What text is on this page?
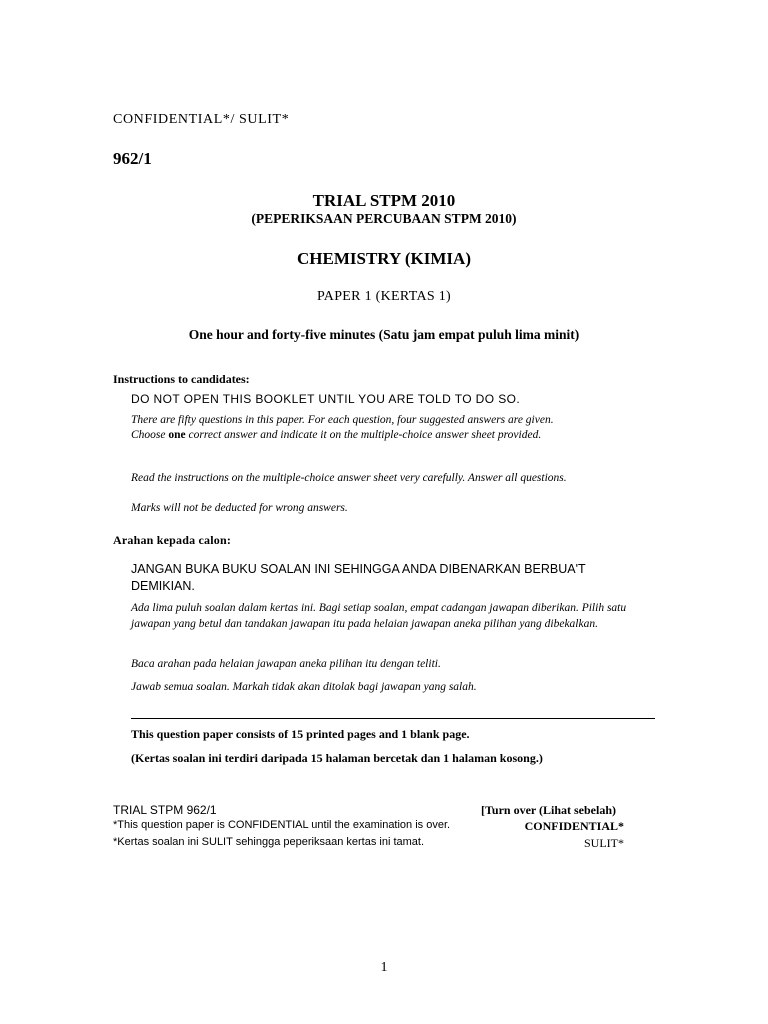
CONFIDENTIAL*/ SULIT*
962/1
TRIAL STPM 2010
(PEPERIKSAAN PERCUBAAN STPM 2010)
CHEMISTRY (KIMIA)
PAPER 1 (KERTAS 1)
One hour and forty-five minutes (Satu jam empat puluh lima minit)
Instructions to candidates:
DO NOT OPEN THIS BOOKLET UNTIL YOU ARE TOLD TO DO SO.
There are fifty questions in this paper. For each question, four suggested answers are given.
Choose one correct answer and indicate it on the multiple-choice answer sheet provided.
Read the instructions on the multiple-choice answer sheet very carefully. Answer all questions.
Marks will not be deducted for wrong answers.
Arahan kepada calon:
JANGAN BUKA BUKU SOALAN INI SEHINGGA ANDA DIBENARKAN BERBUA'T DEMIKIAN.
Ada lima puluh soalan dalam kertas ini. Bagi setiap soalan, empat cadangan jawapan diberikan. Pilih satu jawapan yang betul dan tandakan jawapan itu pada helaian jawapan aneka pilihan yang dibekalkan.
Baca arahan pada helaian jawapan aneka pilihan itu dengan teliti.
Jawab semua soalan. Markah tidak akan ditolak bagi jawapan yang salah.
This question paper consists of 15 printed pages and 1 blank page.
(Kertas soalan ini terdiri daripada 15 halaman bercetak dan 1 halaman kosong.)
TRIAL STPM 962/1	[Turn over (Lihat sebelah)
*This question paper is CONFIDENTIAL until the examination is over.	CONFIDENTIAL*
*Kertas soalan ini SULIT sehingga peperiksaan kertas ini tamat.	SULIT*
1
